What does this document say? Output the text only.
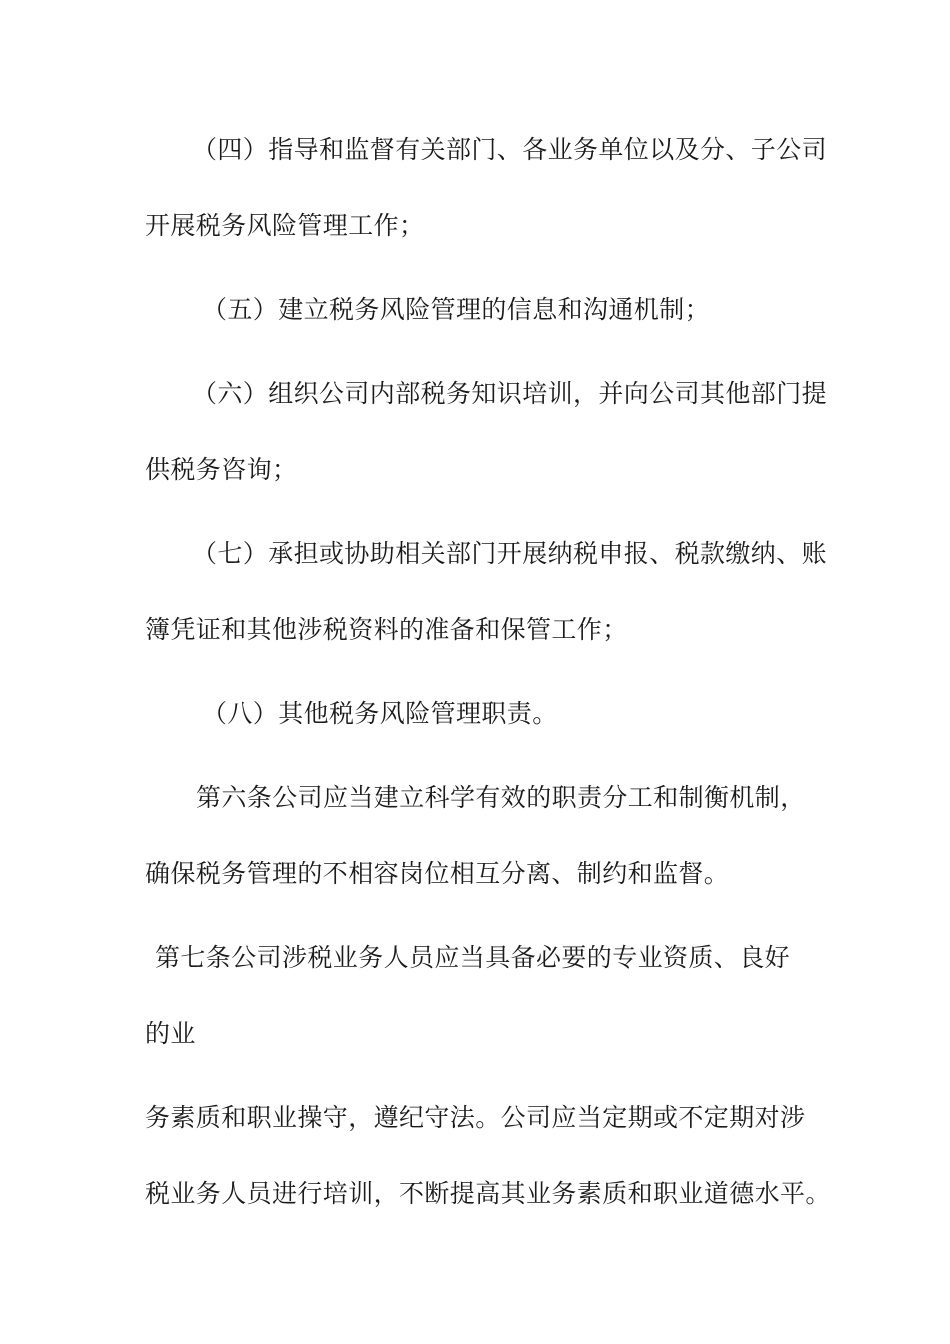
（四）指导和监督有关部门、各业务单位以及分、子公司
开展税务风险管理工作；
（五）建立税务风险管理的信息和沟通机制；
（六）组织公司内部税务知识培训，并向公司其他部门提
供税务咨询；
（七）承担或协助相关部门开展纳税申报、税款缴纳、账
簿凭证和其他涉税资料的准备和保管工作；
（八）其他税务风险管理职责。
第六条公司应当建立科学有效的职责分工和制衡机制，
确保税务管理的不相容岗位相互分离、制约和监督。
第七条公司涉税业务人员应当具备必要的专业资质、良好
的业
务素质和职业操守，遵纪守法。公司应当定期或不定期对涉
税业务人员进行培训，不断提高其业务素质和职业道德水平。
